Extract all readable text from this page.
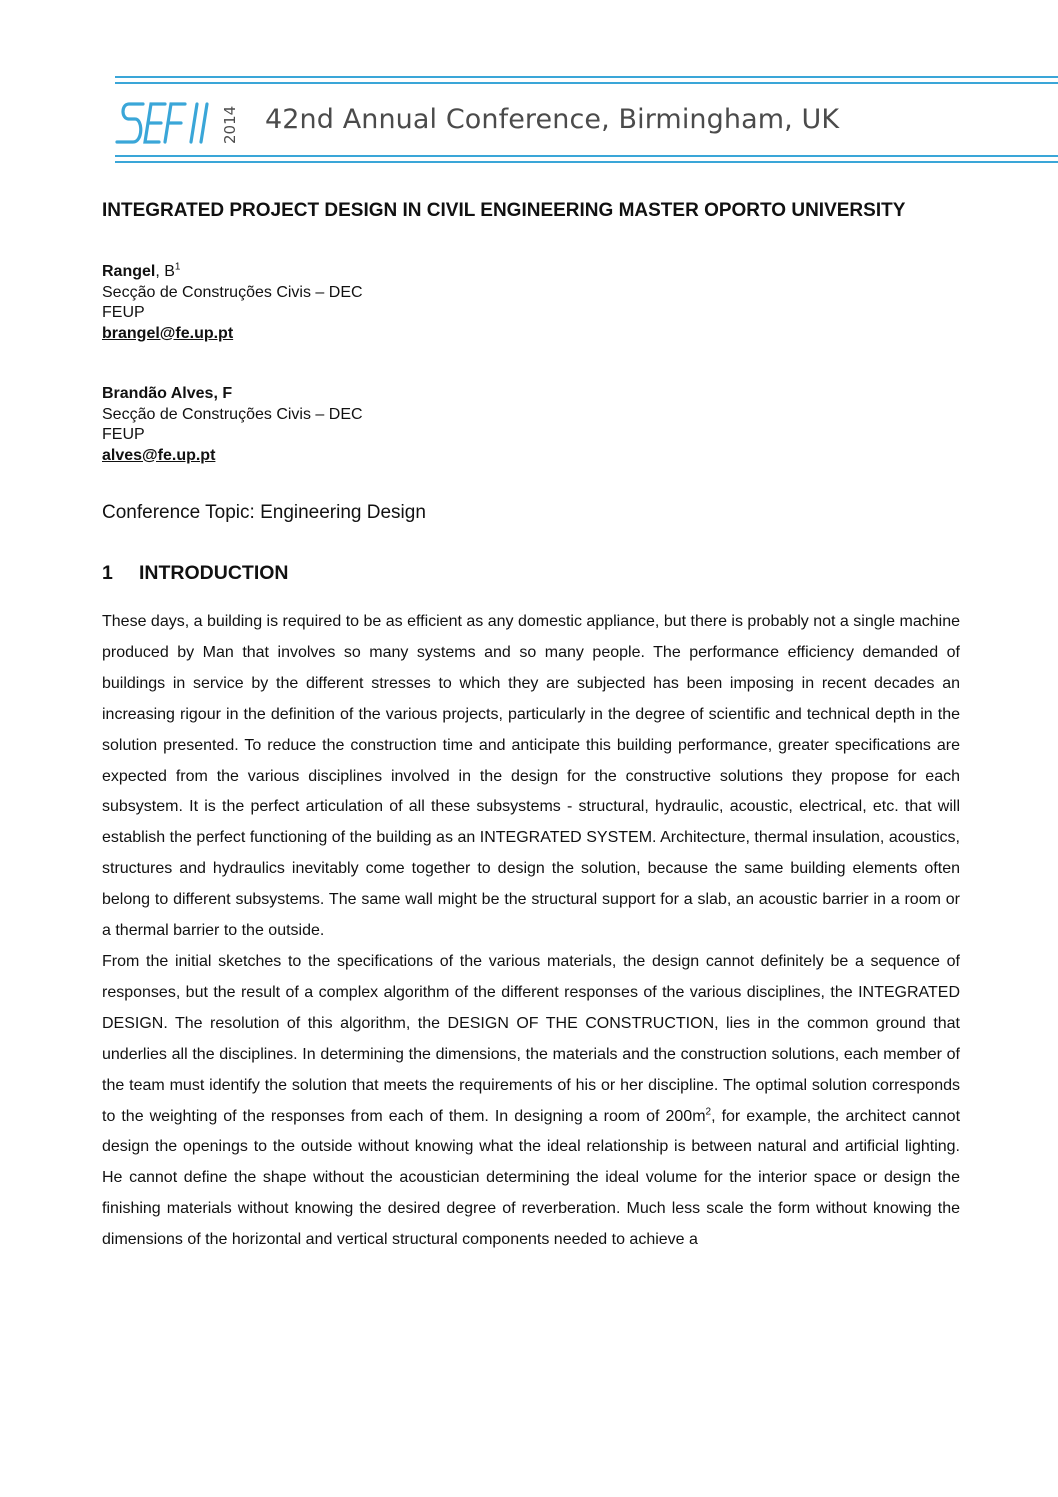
2014 42nd Annual Conference, Birmingham, UK
INTEGRATED PROJECT DESIGN IN CIVIL ENGINEERING MASTER OPORTO UNIVERSITY
Rangel, $B^1$
Secção de Construções Civis – DEC
FEUP
brangel@fe.up.pt
Brandão Alves, F
Secção de Construções Civis – DEC
FEUP
alves@fe.up.pt
Conference Topic: Engineering Design
1	INTRODUCTION

These days, a building is required to be as efficient as any domestic appliance, but there is probably not a single machine produced by Man that involves so many systems and so many people. The performance efficiency demanded of buildings in service by the different stresses to which they are subjected has been imposing in recent decades an increasing rigour in the definition of the various projects, particularly in the degree of scientific and technical depth in the solution presented. To reduce the construction time and anticipate this building performance, greater specifications are expected from the various disciplines involved in the design for the constructive solutions they propose for each subsystem. It is the perfect articulation of all these subsystems - structural, hydraulic, acoustic, electrical, etc. that will establish the perfect functioning of the building as an INTEGRATED SYSTEM. Architecture, thermal insulation, acoustics, structures and hydraulics inevitably come together to design the solution, because the same building elements often belong to different subsystems. The same wall might be the structural support for a slab, an acoustic barrier in a room or a thermal barrier to the outside.

From the initial sketches to the specifications of the various materials, the design cannot definitely be a sequence of responses, but the result of a complex algorithm of the different responses of the various disciplines, the INTEGRATED DESIGN. The resolution of this algorithm, the DESIGN OF THE CONSTRUCTION, lies in the common ground that underlies all the disciplines. In determining the dimensions, the materials and the construction solutions, each member of the team must identify the solution that meets the requirements of his or her discipline. The optimal solution corresponds to the weighting of the responses from each of them. In designing a room of $200m^2$, for example, the architect cannot design the openings to the outside without knowing what the ideal relationship is between natural and artificial lighting. He cannot define the shape without the acoustician determining the ideal volume for the interior space or design the finishing materials without knowing the desired degree of reverberation. Much less scale the form without knowing the dimensions of the horizontal and vertical structural components needed to achieve a
